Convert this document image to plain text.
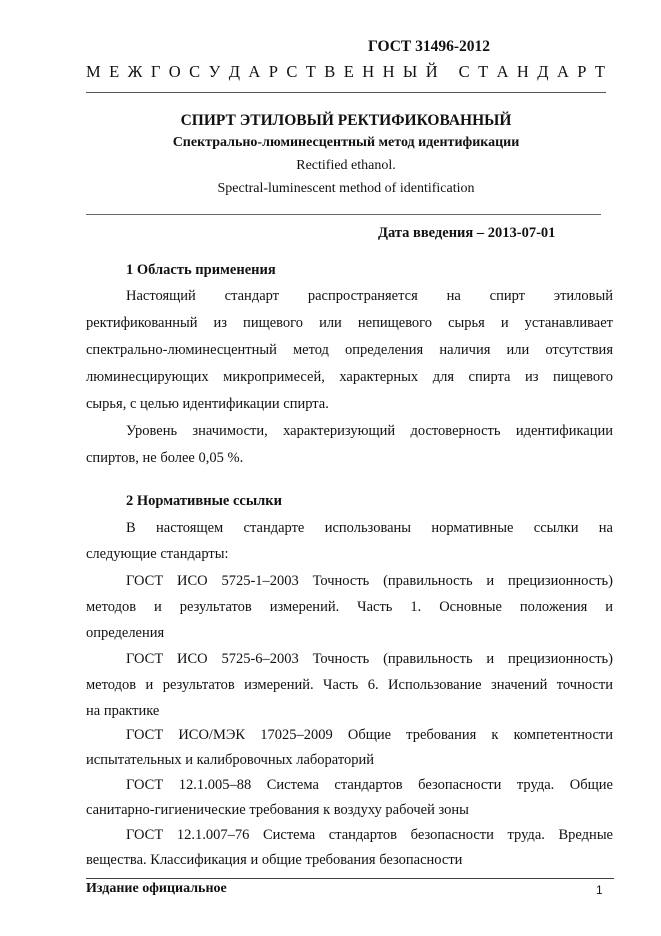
ГОСТ 31496-2012
М Е Ж Г О С У Д А Р С Т В Е Н Н Ы Й
С Т А Н Д А Р Т
СПИРТ ЭТИЛОВЫЙ РЕКТИФИКОВАННЫЙ
Спектрально-люминесцентный метод идентификации
Rectified ethanol.
Spectral-luminescent method of identification
Дата введения – 2013-07-01
1 Область применения
Настоящий стандарт распространяется на спирт этиловый
ректификованный из пищевого или непищевого сырья и устанавливает
спектрально-люминесцентный метод определения наличия или отсутствия
люминесцирующих микропримесей, характерных для спирта из пищевого
сырья, с целью идентификации спирта.
Уровень значимости, характеризующий достоверность идентификации
спиртов, не более 0,05 %.
2 Нормативные ссылки
В настоящем стандарте использованы нормативные ссылки на
следующие стандарты:
ГОСТ ИСО 5725-1–2003 Точность (правильность и прецизионность)
методов и результатов измерений. Часть 1. Основные положения и
определения
ГОСТ ИСО 5725-6–2003 Точность (правильность и прецизионность)
методов и результатов измерений. Часть 6. Использование значений точности
на практике
ГОСТ ИСО/МЭК 17025–2009 Общие требования к компетентности
испытательных и калибровочных лабораторий
ГОСТ 12.1.005–88 Система стандартов безопасности труда. Общие
санитарно-гигиенические требования к воздуху рабочей зоны
ГОСТ 12.1.007–76 Система стандартов безопасности труда. Вредные
вещества. Классификация и общие требования безопасности
Издание официальное	1
